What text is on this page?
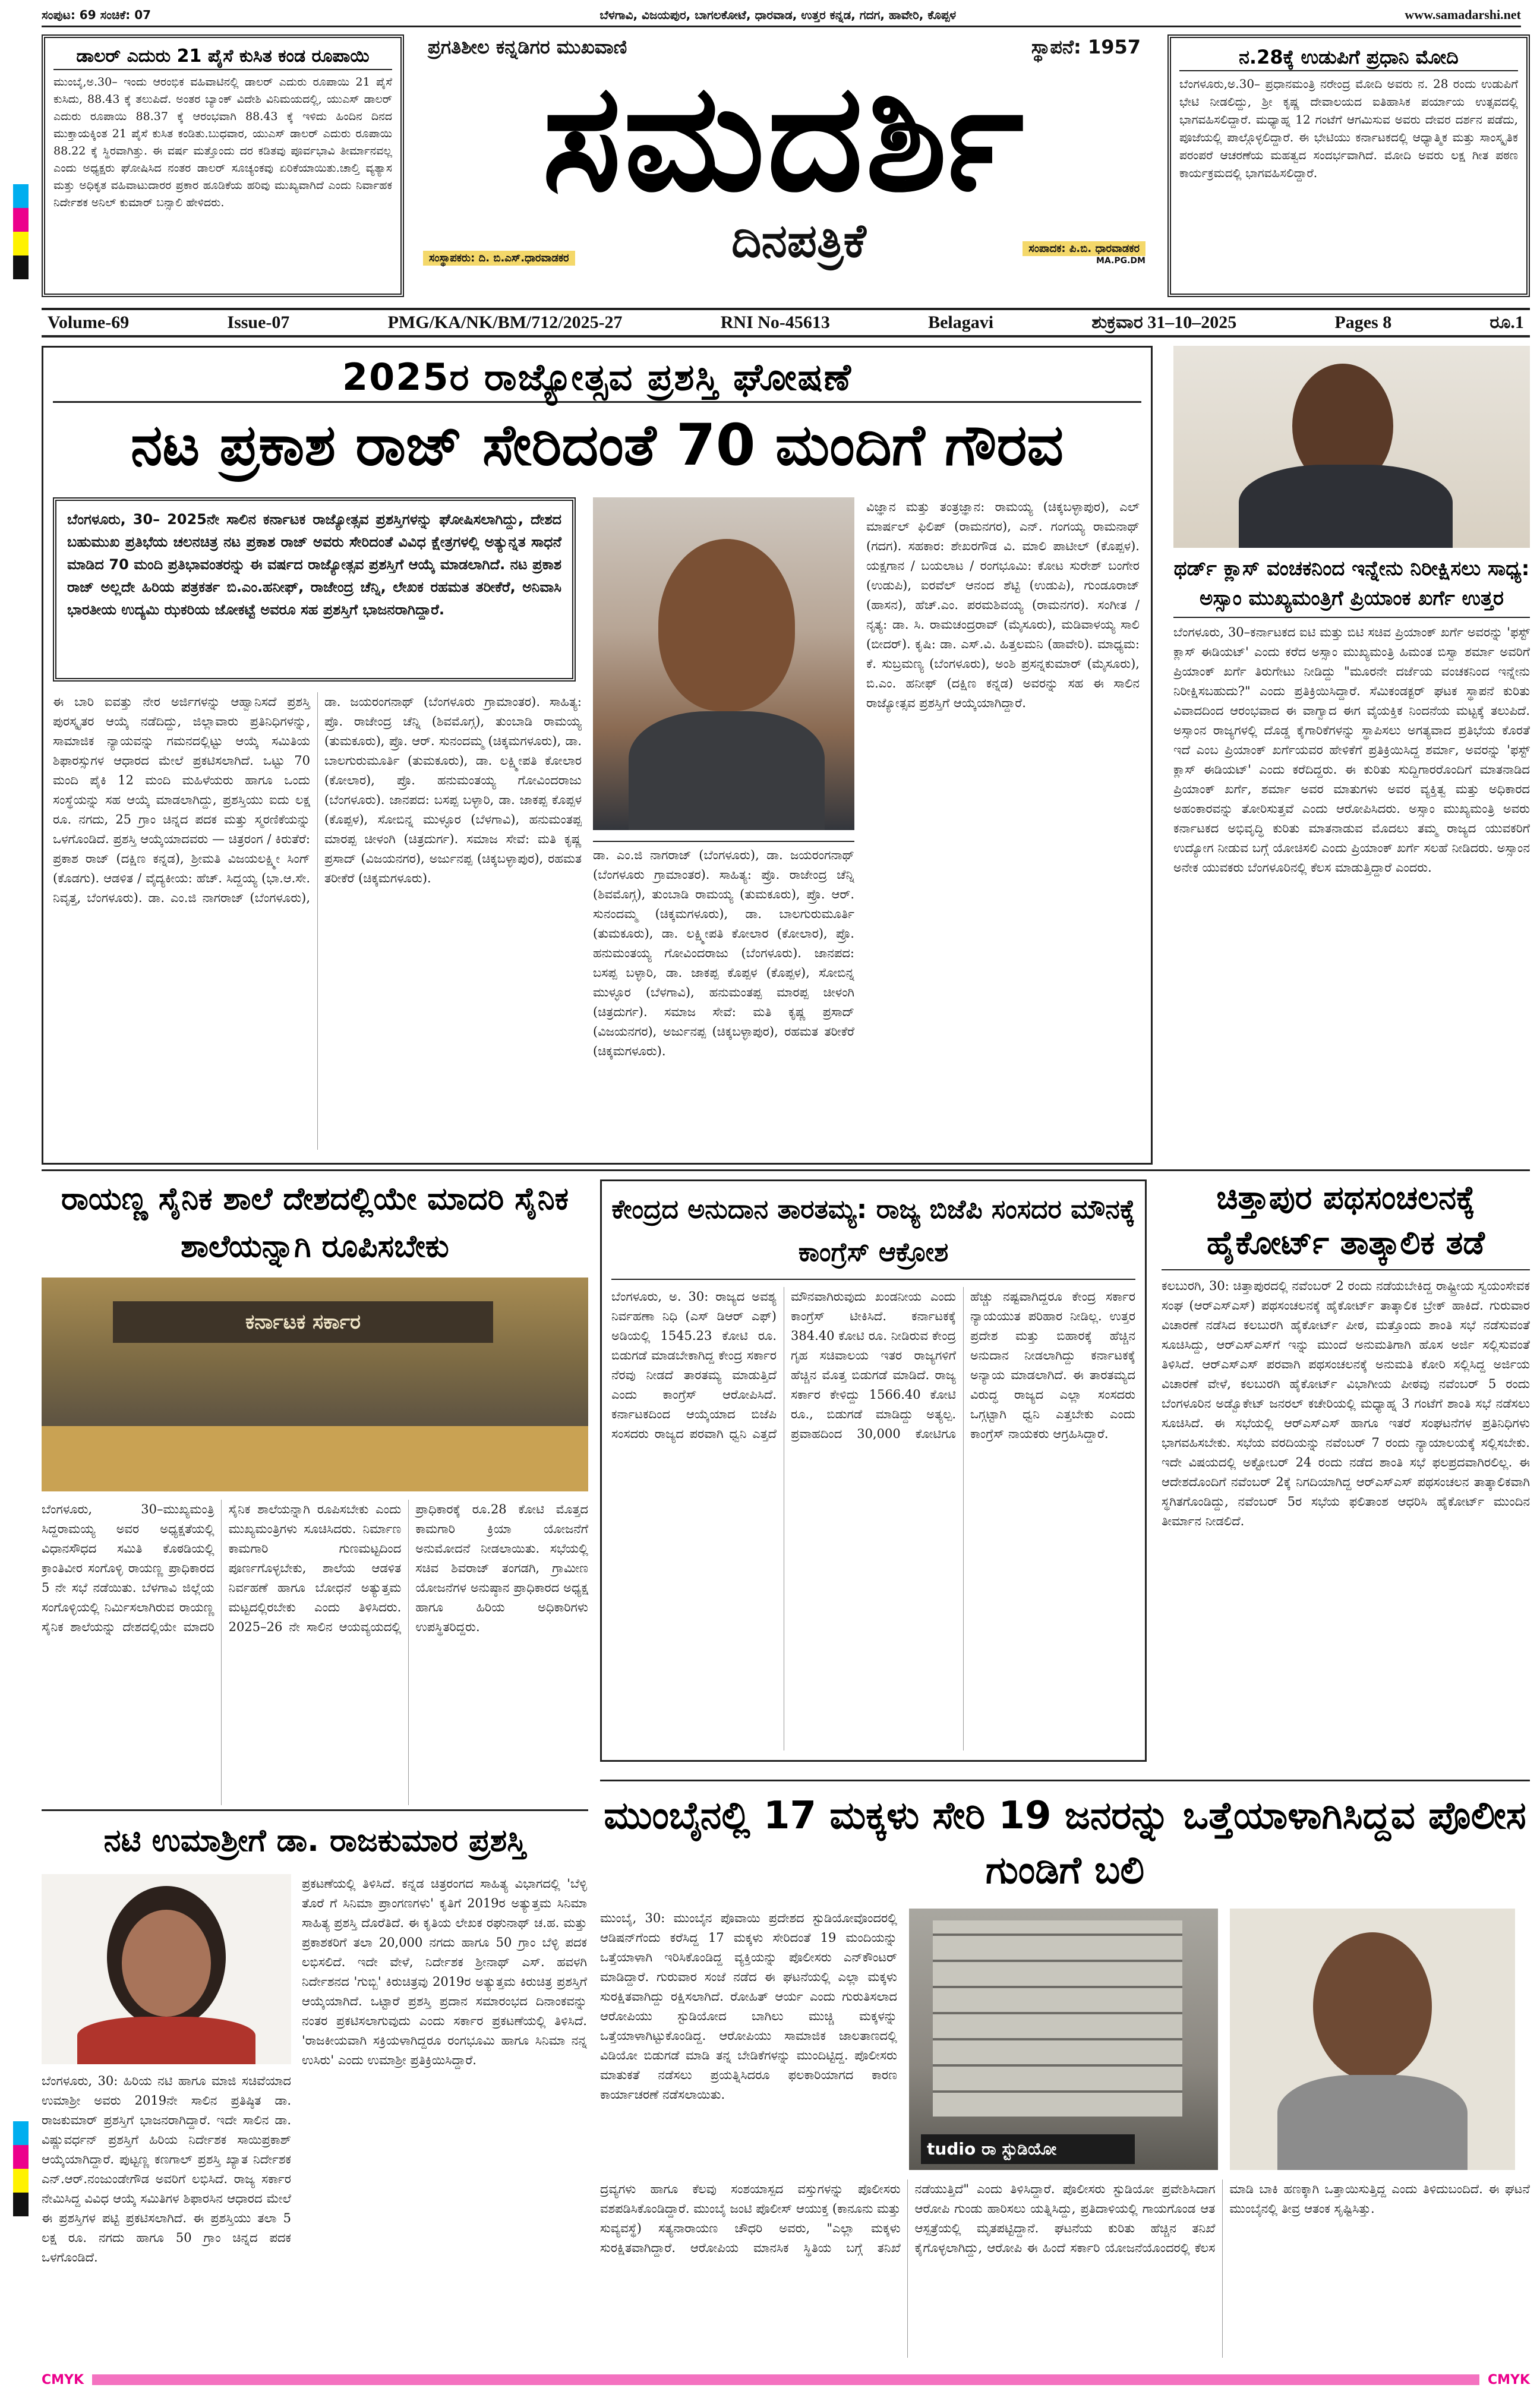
ಸಂಪುಟ: 69 ಸಂಚಿಕೆ: 07	ಬೆಳಗಾವಿ, ವಿಜಯಪುರ, ಬಾಗಲಕೋಟೆ, ಧಾರವಾಡ, ಉತ್ತರ ಕನ್ನಡ, ಗದಗ, ಹಾವೇರಿ, ಕೊಪ್ಪಳ	www.samadarshi.net
ಡಾಲರ್ ಎದುರು 21 ಪೈಸೆ ಕುಸಿತ ಕಂಡ ರೂಪಾಯಿ
ಮುಂಬೈ,ಅ.30– ಇಂದು ಆರಂಭಿಕ ವಹಿವಾಟಿನಲ್ಲಿ ಡಾಲರ್ ಎದುರು ರೂಪಾಯಿ 21 ಪೈಸೆ ಕುಸಿದು, 88.43 ಕ್ಕೆ ತಲುಪಿದೆ. ಅಂತರ ಬ್ಯಾಂಕ್ ವಿದೇಶಿ ವಿನಿಮಯದಲ್ಲಿ, ಯುಎಸ್ ಡಾಲರ್ ಎದುರು ರೂಪಾಯಿ 88.37 ಕ್ಕೆ ಆರಂಭವಾಗಿ 88.43 ಕ್ಕೆ ಇಳಿದು ಹಿಂದಿನ ದಿನದ ಮುಕ್ತಾಯಕ್ಕಿಂತ 21 ಪೈಸೆ ಕುಸಿತ ಕಂಡಿತು.ಬುಧವಾರ, ಯುಎಸ್ ಡಾಲರ್ ಎದುರು ರೂಪಾಯಿ 88.22 ಕ್ಕೆ ಸ್ಥಿರವಾಗಿತ್ತು. ಈ ವರ್ಷ ಮತ್ತೊಂದು ದರ ಕಡಿತವು ಪೂರ್ವಭಾವಿ ತೀರ್ಮಾನವಲ್ಲ ಎಂದು ಅಧ್ಯಕ್ಷರು ಘೋಷಿಸಿದ ನಂತರ ಡಾಲರ್ ಸೂಚ್ಯಂಕವು ಏರಿಕೆಯಾಯಿತು.ಚಾಲ್ತಿ ವ್ಯತ್ಯಾಸ ಮತ್ತು ಅಧಿಕೃತ ವಹಿವಾಟುದಾರರ ಪ್ರಕಾರ ಹೂಡಿಕೆಯ ಹರಿವು ಮುಖ್ಯವಾಗಿದೆ ಎಂದು ನಿರ್ವಾಹಕ ನಿರ್ದೇಶಕ ಅನಿಲ್ ಕುಮಾರ್ ಬನ್ಸಾಲಿ ಹೇಳಿದರು.
ಪ್ರಗತಿಶೀಲ ಕನ್ನಡಿಗರ ಮುಖವಾಣಿ	ಸ್ಥಾಪನೆ: 1957
ಸಮದರ್ಶಿ
ಸಂಸ್ಥಾಪಕರು: ದಿ. ಬಿ.ಎಸ್.ಧಾರವಾಡಕರ	ದಿನಪತ್ರಿಕೆ	ಸಂಪಾದಕ: ಪಿ.ಬಿ. ಧಾರವಾಡಕರ
MA.PG.DM
ನ.28ಕ್ಕೆ ಉಡುಪಿಗೆ ಪ್ರಧಾನಿ ಮೋದಿ
ಬೆಂಗಳೂರು,ಅ.30– ಪ್ರಧಾನಮಂತ್ರಿ ನರೇಂದ್ರ ಮೋದಿ ಅವರು ನ. 28 ರಂದು ಉಡುಪಿಗೆ ಭೇಟಿ ನೀಡಲಿದ್ದು, ಶ್ರೀ ಕೃಷ್ಣ ದೇವಾಲಯದ ಐತಿಹಾಸಿಕ ಪರ್ಯಾಯ ಉತ್ಸವದಲ್ಲಿ ಭಾಗವಹಿಸಲಿದ್ದಾರೆ. ಮಧ್ಯಾಹ್ನ 12 ಗಂಟೆಗೆ ಆಗಮಿಸುವ ಅವರು ದೇವರ ದರ್ಶನ ಪಡೆದು, ಪೂಜೆಯಲ್ಲಿ ಪಾಲ್ಗೊಳ್ಳಲಿದ್ದಾರೆ. ಈ ಭೇಟಿಯು ಕರ್ನಾಟಕದಲ್ಲಿ ಆಧ್ಯಾತ್ಮಿಕ ಮತ್ತು ಸಾಂಸ್ಕೃತಿಕ ಪರಂಪರೆ ಆಚರಣೆಯ ಮಹತ್ವದ ಸಂದರ್ಭವಾಗಿದೆ. ಮೋದಿ ಅವರು ಲಕ್ಷ ಗೀತ ಪಠಣ ಕಾರ್ಯಕ್ರಮದಲ್ಲಿ ಭಾಗವಹಿಸಲಿದ್ದಾರೆ.
Volume-69	Issue-07	PMG/KA/NK/BM/712/2025-27	RNI No-45613	Belagavi	ಶುಕ್ರವಾರ 31–10–2025	Pages 8	ರೂ.1
2025ರ ರಾಜ್ಯೋತ್ಸವ ಪ್ರಶಸ್ತಿ ಘೋಷಣೆ
ನಟ ಪ್ರಕಾಶ ರಾಜ್ ಸೇರಿದಂತೆ 70 ಮಂದಿಗೆ ಗೌರವ
ಬೆಂಗಳೂರು, 30– 2025ನೇ ಸಾಲಿನ ಕರ್ನಾಟಕ ರಾಜ್ಯೋತ್ಸವ ಪ್ರಶಸ್ತಿಗಳನ್ನು ಘೋಷಿಸಲಾಗಿದ್ದು, ದೇಶದ ಬಹುಮುಖ ಪ್ರತಿಭೆಯ ಚಲನಚಿತ್ರ ನಟ ಪ್ರಕಾಶ ರಾಜ್ ಅವರು ಸೇರಿದಂತೆ ವಿವಿಧ ಕ್ಷೇತ್ರಗಳಲ್ಲಿ ಅತ್ಯುನ್ನತ ಸಾಧನೆ ಮಾಡಿದ 70 ಮಂದಿ ಪ್ರತಿಭಾವಂತರನ್ನು ಈ ವರ್ಷದ ರಾಜ್ಯೋತ್ಸವ ಪ್ರಶಸ್ತಿಗೆ ಆಯ್ಕೆ ಮಾಡಲಾಗಿದೆ. ನಟ ಪ್ರಕಾಶ ರಾಜ್ ಅಲ್ಲದೇ ಹಿರಿಯ ಪತ್ರಕರ್ತ ಬಿ.ಎಂ.ಹನೀಫ್, ರಾಜೇಂದ್ರ ಚೆನ್ನಿ, ಲೇಖಕ ರಹಮತ ತರೀಕೆರೆ, ಅನಿವಾಸಿ ಭಾರತೀಯ ಉದ್ಯಮಿ ಝಕರಿಯ ಜೋಕಟ್ಟೆ ಅವರೂ ಸಹ ಪ್ರಶಸ್ತಿಗೆ ಭಾಜನರಾಗಿದ್ದಾರೆ.
ವಿಜ್ಞಾನ ಮತ್ತು ತಂತ್ರಜ್ಞಾನ: ರಾಮಯ್ಯ (ಚಿಕ್ಕಬಳ್ಳಾಪುರ), ಎಲ್ ಮಾರ್ಷಲ್ ಫಿಲಿಪ್ (ರಾಮನಗರ), ಎನ್. ಗಂಗಯ್ಯ ರಾಮನಾಥ್ (ಗದಗ). ಸಹಕಾರ: ಶೇಖರಗೌಡ ವಿ. ಮಾಲಿ ಪಾಟೀಲ್ (ಕೊಪ್ಪಳ). ಯಕ್ಷಗಾನ / ಬಯಲಾಟ / ರಂಗಭೂಮಿ: ಕೋಟ ಸುರೇಶ್ ಬಂಗೇರ (ಉಡುಪಿ), ಐರವೆಲ್ ಆನಂದ ಶೆಟ್ಟಿ (ಉಡುಪಿ), ಗುಂಡೂರಾಜ್ (ಹಾಸನ), ಹೆಚ್.ಎಂ. ಪರಮಶಿವಯ್ಯ (ರಾಮನಗರ). ಸಂಗೀತ / ನೃತ್ಯ: ಡಾ. ಸಿ. ರಾಮಚಂದ್ರರಾವ್ (ಮೈಸೂರು), ಮಡಿವಾಳಯ್ಯ ಸಾಲಿ (ಬೀದರ್). ಕೃಷಿ: ಡಾ. ಎಸ್.ವಿ. ಹಿತ್ತಲಮನಿ (ಹಾವೇರಿ). ಮಾಧ್ಯಮ: ಕೆ. ಸುಬ್ರಮಣ್ಯ (ಬೆಂಗಳೂರು), ಅಂಶಿ ಪ್ರಸನ್ನಕುಮಾರ್ (ಮೈಸೂರು), ಬಿ.ಎಂ. ಹನೀಫ್ (ದಕ್ಷಿಣ ಕನ್ನಡ) ಅವರನ್ನು ಸಹ ಈ ಸಾಲಿನ ರಾಜ್ಯೋತ್ಸವ ಪ್ರಶಸ್ತಿಗೆ ಆಯ್ಕೆಯಾಗಿದ್ದಾರೆ.
ಈ ಬಾರಿ ಐವತ್ತು ನೇರ ಅರ್ಜಿಗಳನ್ನು ಆಹ್ವಾನಿಸದೆ ಪ್ರಶಸ್ತಿ ಪುರಸ್ಕೃತರ ಆಯ್ಕೆ ನಡೆದಿದ್ದು, ಜಿಲ್ಲಾವಾರು ಪ್ರತಿನಿಧಿಗಳನ್ನು, ಸಾಮಾಜಿಕ ನ್ಯಾಯವನ್ನು ಗಮನದಲ್ಲಿಟ್ಟು ಆಯ್ಕೆ ಸಮಿತಿಯ ಶಿಫಾರಸ್ಸುಗಳ ಆಧಾರದ ಮೇಲೆ ಪ್ರಕಟಿಸಲಾಗಿದೆ. ಒಟ್ಟು 70 ಮಂದಿ ಪೈಕಿ 12 ಮಂದಿ ಮಹಿಳೆಯರು ಹಾಗೂ ಒಂದು ಸಂಸ್ಥೆಯನ್ನು ಸಹ ಆಯ್ಕೆ ಮಾಡಲಾಗಿದ್ದು, ಪ್ರಶಸ್ತಿಯು ಐದು ಲಕ್ಷ ರೂ. ನಗದು, 25 ಗ್ರಾಂ ಚಿನ್ನದ ಪದಕ ಮತ್ತು ಸ್ಮರಣಿಕೆಯನ್ನು ಒಳಗೊಂಡಿದೆ. ಪ್ರಶಸ್ತಿ ಆಯ್ಕೆಯಾದವರು — ಚಿತ್ರರಂಗ / ಕಿರುತೆರೆ: ಪ್ರಕಾಶ ರಾಜ್ (ದಕ್ಷಿಣ ಕನ್ನಡ), ಶ್ರೀಮತಿ ವಿಜಯಲಕ್ಷ್ಮೀ ಸಿಂಗ್ (ಕೊಡಗು). ಆಡಳಿತ / ವೈದ್ಯಕೀಯ: ಹೆಚ್. ಸಿದ್ದಯ್ಯ (ಭಾ.ಆ.ಸೇ. ನಿವೃತ್ತ, ಬೆಂಗಳೂರು). ಡಾ. ಎಂ.ಜಿ ನಾಗರಾಜ್ (ಬೆಂಗಳೂರು), ಡಾ. ಜಯರಂಗನಾಥ್ (ಬೆಂಗಳೂರು ಗ್ರಾಮಾಂತರ). ಸಾಹಿತ್ಯ: ಪ್ರೊ. ರಾಜೇಂದ್ರ ಚೆನ್ನಿ (ಶಿವಮೊಗ್ಗ), ತುಂಬಾಡಿ ರಾಮಯ್ಯ (ತುಮಕೂರು), ಪ್ರೊ. ಆರ್. ಸುನಂದಮ್ಮ (ಚಿಕ್ಕಮಗಳೂರು), ಡಾ. ಬಾಲಗುರುಮೂರ್ತಿ (ತುಮಕೂರು), ಡಾ. ಲಕ್ಷ್ಮೀಪತಿ ಕೋಲಾರ (ಕೋಲಾರ), ಪ್ರೊ. ಹನುಮಂತಯ್ಯ ಗೋವಿಂದರಾಜು (ಬೆಂಗಳೂರು). ಜಾನಪದ: ಬಸಪ್ಪ ಬಳ್ಳಾರಿ, ಡಾ. ಜಾಕಪ್ಪ ಕೊಪ್ಪಳ (ಕೊಪ್ಪಳ), ಸೋಬಿನ್ನ ಮುಳ್ಳೂರ (ಬೆಳಗಾವಿ), ಹನುಮಂತಪ್ಪ ಮಾರಪ್ಪ ಚೀಳಂಗಿ (ಚಿತ್ರದುರ್ಗ). ಸಮಾಜ ಸೇವೆ: ಮತಿ ಕೃಷ್ಣ ಪ್ರಸಾದ್ (ವಿಜಯನಗರ), ಅರ್ಜುನಪ್ಪ (ಚಿಕ್ಕಬಳ್ಳಾಪುರ), ರಹಮತ ತರೀಕೆರೆ (ಚಿಕ್ಕಮಗಳೂರು).
ಡಾ. ಎಂ.ಜಿ ನಾಗರಾಜ್ (ಬೆಂಗಳೂರು), ಡಾ. ಜಯರಂಗನಾಥ್ (ಬೆಂಗಳೂರು ಗ್ರಾಮಾಂತರ). ಸಾಹಿತ್ಯ: ಪ್ರೊ. ರಾಜೇಂದ್ರ ಚೆನ್ನಿ (ಶಿವಮೊಗ್ಗ), ತುಂಬಾಡಿ ರಾಮಯ್ಯ (ತುಮಕೂರು), ಪ್ರೊ. ಆರ್. ಸುನಂದಮ್ಮ (ಚಿಕ್ಕಮಗಳೂರು), ಡಾ. ಬಾಲಗುರುಮೂರ್ತಿ (ತುಮಕೂರು), ಡಾ. ಲಕ್ಷ್ಮೀಪತಿ ಕೋಲಾರ (ಕೋಲಾರ), ಪ್ರೊ. ಹನುಮಂತಯ್ಯ ಗೋವಿಂದರಾಜು (ಬೆಂಗಳೂರು). ಜಾನಪದ: ಬಸಪ್ಪ ಬಳ್ಳಾರಿ, ಡಾ. ಜಾಕಪ್ಪ ಕೊಪ್ಪಳ (ಕೊಪ್ಪಳ), ಸೋಬಿನ್ನ ಮುಳ್ಳೂರ (ಬೆಳಗಾವಿ), ಹನುಮಂತಪ್ಪ ಮಾರಪ್ಪ ಚೀಳಂಗಿ (ಚಿತ್ರದುರ್ಗ). ಸಮಾಜ ಸೇವೆ: ಮತಿ ಕೃಷ್ಣ ಪ್ರಸಾದ್ (ವಿಜಯನಗರ), ಅರ್ಜುನಪ್ಪ (ಚಿಕ್ಕಬಳ್ಳಾಪುರ), ರಹಮತ ತರೀಕೆರೆ (ಚಿಕ್ಕಮಗಳೂರು).
ಥರ್ಡ್ ಕ್ಲಾಸ್ ವಂಚಕನಿಂದ ಇನ್ನೇನು ನಿರೀಕ್ಷಿಸಲು ಸಾಧ್ಯ: ಅಸ್ಸಾಂ ಮುಖ್ಯಮಂತ್ರಿಗೆ ಪ್ರಿಯಾಂಕ ಖರ್ಗೆ ಉತ್ತರ
ಬೆಂಗಳೂರು, 30–ಕರ್ನಾಟಕದ ಐಟಿ ಮತ್ತು ಬಿಟಿ ಸಚಿವ ಪ್ರಿಯಾಂಕ್ ಖರ್ಗೆ ಅವರನ್ನು 'ಫಸ್ಟ್ ಕ್ಲಾಸ್ ಈಡಿಯಟ್' ಎಂದು ಕರೆದ ಅಸ್ಸಾಂ ಮುಖ್ಯಮಂತ್ರಿ ಹಿಮಂತ ಬಿಸ್ವಾ ಶರ್ಮಾ ಅವರಿಗೆ ಪ್ರಿಯಾಂಕ್ ಖರ್ಗೆ ತಿರುಗೇಟು ನೀಡಿದ್ದು "ಮೂರನೇ ದರ್ಜೆಯ ವಂಚಕನಿಂದ ಇನ್ನೇನು ನಿರೀಕ್ಷಿಸಬಹುದು?" ಎಂದು ಪ್ರತಿಕ್ರಿಯಿಸಿದ್ದಾರೆ. ಸೆಮಿಕಂಡಕ್ಟರ್ ಘಟಕ ಸ್ಥಾಪನೆ ಕುರಿತು ವಿವಾದದಿಂದ ಆರಂಭವಾದ ಈ ವಾಗ್ವಾದ ಈಗ ವೈಯಕ್ತಿಕ ನಿಂದನೆಯ ಮಟ್ಟಕ್ಕೆ ತಲುಪಿದೆ. ಅಸ್ಸಾಂನ ರಾಜ್ಯಗಳಲ್ಲಿ ದೊಡ್ಡ ಕೈಗಾರಿಕೆಗಳನ್ನು ಸ್ಥಾಪಿಸಲು ಅಗತ್ಯವಾದ ಪ್ರತಿಭೆಯ ಕೊರತೆ ಇದೆ ಎಂಬ ಪ್ರಿಯಾಂಕ್ ಖರ್ಗೆಯವರ ಹೇಳಿಕೆಗೆ ಪ್ರತಿಕ್ರಿಯಿಸಿದ್ದ ಶರ್ಮಾ, ಅವರನ್ನು 'ಫಸ್ಟ್ ಕ್ಲಾಸ್ ಈಡಿಯಟ್' ಎಂದು ಕರೆದಿದ್ದರು. ಈ ಕುರಿತು ಸುದ್ದಿಗಾರರೊಂದಿಗೆ ಮಾತನಾಡಿದ ಪ್ರಿಯಾಂಕ್ ಖರ್ಗೆ, ಶರ್ಮಾ ಅವರ ಮಾತುಗಳು ಅವರ ವ್ಯಕ್ತಿತ್ವ ಮತ್ತು ಅಧಿಕಾರದ ಅಹಂಕಾರವನ್ನು ತೋರಿಸುತ್ತವೆ ಎಂದು ಆರೋಪಿಸಿದರು. ಅಸ್ಸಾಂ ಮುಖ್ಯಮಂತ್ರಿ ಅವರು ಕರ್ನಾಟಕದ ಅಭಿವೃದ್ಧಿ ಕುರಿತು ಮಾತನಾಡುವ ಮೊದಲು ತಮ್ಮ ರಾಜ್ಯದ ಯುವಕರಿಗೆ ಉದ್ಯೋಗ ನೀಡುವ ಬಗ್ಗೆ ಯೋಚಿಸಲಿ ಎಂದು ಪ್ರಿಯಾಂಕ್ ಖರ್ಗೆ ಸಲಹೆ ನೀಡಿದರು. ಅಸ್ಸಾಂನ ಅನೇಕ ಯುವಕರು ಬೆಂಗಳೂರಿನಲ್ಲಿ ಕೆಲಸ ಮಾಡುತ್ತಿದ್ದಾರೆ ಎಂದರು.
ರಾಯಣ್ಣ ಸೈನಿಕ ಶಾಲೆ ದೇಶದಲ್ಲಿಯೇ ಮಾದರಿ ಸೈನಿಕ ಶಾಲೆಯನ್ನಾಗಿ ರೂಪಿಸಬೇಕು
ಕರ್ನಾಟಕ ಸರ್ಕಾರ
ಬೆಂಗಳೂರು, 30–ಮುಖ್ಯಮಂತ್ರಿ ಸಿದ್ದರಾಮಯ್ಯ ಅವರ ಅಧ್ಯಕ್ಷತೆಯಲ್ಲಿ ವಿಧಾನಸೌಧದ ಸಮಿತಿ ಕೊಠಡಿಯಲ್ಲಿ ಕ್ರಾಂತಿವೀರ ಸಂಗೊಳ್ಳಿ ರಾಯಣ್ಣ ಪ್ರಾಧಿಕಾರದ 5 ನೇ ಸಭೆ ನಡೆಯಿತು. ಬೆಳಗಾವಿ ಜಿಲ್ಲೆಯ ಸಂಗೊಳ್ಳಿಯಲ್ಲಿ ನಿರ್ಮಿಸಲಾಗಿರುವ ರಾಯಣ್ಣ ಸೈನಿಕ ಶಾಲೆಯನ್ನು ದೇಶದಲ್ಲಿಯೇ ಮಾದರಿ ಸೈನಿಕ ಶಾಲೆಯನ್ನಾಗಿ ರೂಪಿಸಬೇಕು ಎಂದು ಮುಖ್ಯಮಂತ್ರಿಗಳು ಸೂಚಿಸಿದರು. ನಿರ್ಮಾಣ ಕಾಮಗಾರಿ ಗುಣಮಟ್ಟದಿಂದ ಪೂರ್ಣಗೊಳ್ಳಬೇಕು, ಶಾಲೆಯ ಆಡಳಿತ ನಿರ್ವಹಣೆ ಹಾಗೂ ಬೋಧನೆ ಅತ್ಯುತ್ತಮ ಮಟ್ಟದಲ್ಲಿರಬೇಕು ಎಂದು ತಿಳಿಸಿದರು. 2025–26 ನೇ ಸಾಲಿನ ಆಯವ್ಯಯದಲ್ಲಿ ಪ್ರಾಧಿಕಾರಕ್ಕೆ ರೂ.28 ಕೋಟಿ ಮೊತ್ತದ ಕಾಮಗಾರಿ ಕ್ರಿಯಾ ಯೋಜನೆಗೆ ಅನುಮೋದನೆ ನೀಡಲಾಯಿತು. ಸಭೆಯಲ್ಲಿ ಸಚಿವ ಶಿವರಾಜ್ ತಂಗಡಗಿ, ಗ್ರಾಮೀಣ ಯೋಜನೆಗಳ ಅನುಷ್ಠಾನ ಪ್ರಾಧಿಕಾರದ ಅಧ್ಯಕ್ಷ ಹಾಗೂ ಹಿರಿಯ ಅಧಿಕಾರಿಗಳು ಉಪಸ್ಥಿತರಿದ್ದರು.
ಕೇಂದ್ರದ ಅನುದಾನ ತಾರತಮ್ಯ: ರಾಜ್ಯ ಬಿಜೆಪಿ ಸಂಸದರ ಮೌನಕ್ಕೆ ಕಾಂಗ್ರೆಸ್ ಆಕ್ರೋಶ
ಬೆಂಗಳೂರು, ಅ. 30: ರಾಜ್ಯದ ಅವಶ್ಯ ನಿರ್ವಹಣಾ ನಿಧಿ (ಎಸ್ ಡಿಆರ್ ಎಫ್) ಅಡಿಯಲ್ಲಿ 1545.23 ಕೋಟಿ ರೂ. ಬಿಡುಗಡೆ ಮಾಡಬೇಕಾಗಿದ್ದ ಕೇಂದ್ರ ಸರ್ಕಾರ ನೆರವು ನೀಡದೆ ತಾರತಮ್ಯ ಮಾಡುತ್ತಿದೆ ಎಂದು ಕಾಂಗ್ರೆಸ್ ಆರೋಪಿಸಿದೆ. ಕರ್ನಾಟಕದಿಂದ ಆಯ್ಕೆಯಾದ ಬಿಜೆಪಿ ಸಂಸದರು ರಾಜ್ಯದ ಪರವಾಗಿ ಧ್ವನಿ ಎತ್ತದೆ ಮೌನವಾಗಿರುವುದು ಖಂಡನೀಯ ಎಂದು ಕಾಂಗ್ರೆಸ್ ಟೀಕಿಸಿದೆ. ಕರ್ನಾಟಕಕ್ಕೆ 384.40 ಕೋಟಿ ರೂ. ನೀಡಿರುವ ಕೇಂದ್ರ ಗೃಹ ಸಚಿವಾಲಯ ಇತರ ರಾಜ್ಯಗಳಿಗೆ ಹೆಚ್ಚಿನ ಮೊತ್ತ ಬಿಡುಗಡೆ ಮಾಡಿದೆ. ರಾಜ್ಯ ಸರ್ಕಾರ ಕೇಳಿದ್ದು 1566.40 ಕೋಟಿ ರೂ., ಬಿಡುಗಡೆ ಮಾಡಿದ್ದು ಅತ್ಯಲ್ಪ. ಪ್ರವಾಹದಿಂದ 30,000 ಕೋಟಿಗೂ ಹೆಚ್ಚು ನಷ್ಟವಾಗಿದ್ದರೂ ಕೇಂದ್ರ ಸರ್ಕಾರ ನ್ಯಾಯಯುತ ಪರಿಹಾರ ನೀಡಿಲ್ಲ. ಉತ್ತರ ಪ್ರದೇಶ ಮತ್ತು ಬಿಹಾರಕ್ಕೆ ಹೆಚ್ಚಿನ ಅನುದಾನ ನೀಡಲಾಗಿದ್ದು ಕರ್ನಾಟಕಕ್ಕೆ ಅನ್ಯಾಯ ಮಾಡಲಾಗಿದೆ. ಈ ತಾರತಮ್ಯದ ವಿರುದ್ಧ ರಾಜ್ಯದ ಎಲ್ಲಾ ಸಂಸದರು ಒಗ್ಗಟ್ಟಾಗಿ ಧ್ವನಿ ಎತ್ತಬೇಕು ಎಂದು ಕಾಂಗ್ರೆಸ್ ನಾಯಕರು ಆಗ್ರಹಿಸಿದ್ದಾರೆ.
ಚಿತ್ತಾಪುರ ಪಥಸಂಚಲನಕ್ಕೆ ಹೈಕೋರ್ಟ್ ತಾತ್ಕಾಲಿಕ ತಡೆ
ಕಲಬುರಗಿ, 30: ಚಿತ್ತಾಪುರದಲ್ಲಿ ನವೆಂಬರ್ 2 ರಂದು ನಡೆಯಬೇಕಿದ್ದ ರಾಷ್ಟ್ರೀಯ ಸ್ವಯಂಸೇವಕ ಸಂಘ (ಆರ್‌ಎಸ್‌ಎಸ್) ಪಥಸಂಚಲನಕ್ಕೆ ಹೈಕೋರ್ಟ್ ತಾತ್ಕಾಲಿಕ ಬ್ರೇಕ್ ಹಾಕಿದೆ. ಗುರುವಾರ ವಿಚಾರಣೆ ನಡೆಸಿದ ಕಲಬುರಗಿ ಹೈಕೋರ್ಟ್ ಪೀಠ, ಮತ್ತೊಂದು ಶಾಂತಿ ಸಭೆ ನಡೆಸುವಂತೆ ಸೂಚಿಸಿದ್ದು, ಆರ್‌ಎಸ್‌ಎಸ್‌ಗೆ ಇನ್ನು ಮುಂದೆ ಅನುಮತಿಗಾಗಿ ಹೊಸ ಅರ್ಜಿ ಸಲ್ಲಿಸುವಂತೆ ತಿಳಿಸಿದೆ. ಆರ್‌ಎಸ್‌ಎಸ್ ಪರವಾಗಿ ಪಥಸಂಚಲನಕ್ಕೆ ಅನುಮತಿ ಕೋರಿ ಸಲ್ಲಿಸಿದ್ದ ಅರ್ಜಿಯ ವಿಚಾರಣೆ ವೇಳೆ, ಕಲಬುರಗಿ ಹೈಕೋರ್ಟ್ ವಿಭಾಗೀಯ ಪೀಠವು ನವೆಂಬರ್ 5 ರಂದು ಬೆಂಗಳೂರಿನ ಅಡ್ವೊಕೇಟ್ ಜನರಲ್ ಕಚೇರಿಯಲ್ಲಿ ಮಧ್ಯಾಹ್ನ 3 ಗಂಟೆಗೆ ಶಾಂತಿ ಸಭೆ ನಡೆಸಲು ಸೂಚಿಸಿದೆ. ಈ ಸಭೆಯಲ್ಲಿ ಆರ್‌ಎಸ್‌ಎಸ್ ಹಾಗೂ ಇತರೆ ಸಂಘಟನೆಗಳ ಪ್ರತಿನಿಧಿಗಳು ಭಾಗವಹಿಸಬೇಕು. ಸಭೆಯ ವರದಿಯನ್ನು ನವೆಂಬರ್ 7 ರಂದು ನ್ಯಾಯಾಲಯಕ್ಕೆ ಸಲ್ಲಿಸಬೇಕು. ಇದೇ ವಿಷಯದಲ್ಲಿ ಅಕ್ಟೋಬರ್ 24 ರಂದು ನಡೆದ ಶಾಂತಿ ಸಭೆ ಫಲಪ್ರದವಾಗಿರಲಿಲ್ಲ. ಈ ಆದೇಶದೊಂದಿಗೆ ನವೆಂಬರ್ 2ಕ್ಕೆ ನಿಗದಿಯಾಗಿದ್ದ ಆರ್‌ಎಸ್‌ಎಸ್ ಪಥಸಂಚಲನ ತಾತ್ಕಾಲಿಕವಾಗಿ ಸ್ಥಗಿತಗೊಂಡಿದ್ದು, ನವೆಂಬರ್ 5ರ ಸಭೆಯ ಫಲಿತಾಂಶ ಆಧರಿಸಿ ಹೈಕೋರ್ಟ್ ಮುಂದಿನ ತೀರ್ಮಾನ ನೀಡಲಿದೆ.
ನಟಿ ಉಮಾಶ್ರೀಗೆ ಡಾ. ರಾಜಕುಮಾರ ಪ್ರಶಸ್ತಿ
ಬೆಂಗಳೂರು, 30: ಹಿರಿಯ ನಟಿ ಹಾಗೂ ಮಾಜಿ ಸಚಿವೆಯಾದ ಉಮಾಶ್ರೀ ಅವರು 2019ನೇ ಸಾಲಿನ ಪ್ರತಿಷ್ಠಿತ ಡಾ. ರಾಜಕುಮಾರ್ ಪ್ರಶಸ್ತಿಗೆ ಭಾಜನರಾಗಿದ್ದಾರೆ. ಇದೇ ಸಾಲಿನ ಡಾ. ವಿಷ್ಣುವರ್ಧನ್ ಪ್ರಶಸ್ತಿಗೆ ಹಿರಿಯ ನಿರ್ದೇಶಕ ಸಾಯಿಪ್ರಕಾಶ್ ಆಯ್ಕೆಯಾಗಿದ್ದಾರೆ. ಪುಟ್ಟಣ್ಣ ಕಣಗಾಲ್ ಪ್ರಶಸ್ತಿ ಖ್ಯಾತ ನಿರ್ದೇಶಕ ಎನ್.ಆರ್.ನಂಜುಂಡೇಗೌಡ ಅವರಿಗೆ ಲಭಿಸಿದೆ. ರಾಜ್ಯ ಸರ್ಕಾರ ನೇಮಿಸಿದ್ದ ವಿವಿಧ ಆಯ್ಕೆ ಸಮಿತಿಗಳ ಶಿಫಾರಸಿನ ಆಧಾರದ ಮೇಲೆ ಈ ಪ್ರಶಸ್ತಿಗಳ ಪಟ್ಟಿ ಪ್ರಕಟಿಸಲಾಗಿದೆ. ಈ ಪ್ರಶಸ್ತಿಯು ತಲಾ 5 ಲಕ್ಷ ರೂ. ನಗದು ಹಾಗೂ 50 ಗ್ರಾಂ ಚಿನ್ನದ ಪದಕ ಒಳಗೊಂಡಿದೆ.
ಪ್ರಕಟಣೆಯಲ್ಲಿ ತಿಳಿಸಿದೆ. ಕನ್ನಡ ಚಿತ್ರರಂಗದ ಸಾಹಿತ್ಯ ವಿಭಾಗದಲ್ಲಿ 'ಬೆಳ್ಳಿ ತೊರೆ ಗೆ ಸಿನಿಮಾ ಪ್ರಾಂಗಣಗಳು' ಕೃತಿಗೆ 2019ರ ಅತ್ಯುತ್ತಮ ಸಿನಿಮಾ ಸಾಹಿತ್ಯ ಪ್ರಶಸ್ತಿ ದೊರೆತಿದೆ. ಈ ಕೃತಿಯ ಲೇಖಕ ರಘುನಾಥ್ ಚ.ಹ. ಮತ್ತು ಪ್ರಕಾಶಕರಿಗೆ ತಲಾ 20,000 ನಗದು ಹಾಗೂ 50 ಗ್ರಾಂ ಬೆಳ್ಳಿ ಪದಕ ಲಭಿಸಲಿದೆ. ಇದೇ ವೇಳೆ, ನಿರ್ದೇಶಕ ಶ್ರೀನಾಥ್ ಎಸ್. ಹವಳಗಿ ನಿರ್ದೇಶನದ 'ಗುಬ್ಬಿ' ಕಿರುಚಿತ್ರವು 2019ರ ಅತ್ಯುತ್ತಮ ಕಿರುಚಿತ್ರ ಪ್ರಶಸ್ತಿಗೆ ಆಯ್ಕೆಯಾಗಿದೆ. ಒಟ್ಟಾರೆ ಪ್ರಶಸ್ತಿ ಪ್ರದಾನ ಸಮಾರಂಭದ ದಿನಾಂಕವನ್ನು ನಂತರ ಪ್ರಕಟಿಸಲಾಗುವುದು ಎಂದು ಸರ್ಕಾರ ಪ್ರಕಟಣೆಯಲ್ಲಿ ತಿಳಿಸಿದೆ. 'ರಾಜಕೀಯವಾಗಿ ಸಕ್ರಿಯಳಾಗಿದ್ದರೂ ರಂಗಭೂಮಿ ಹಾಗೂ ಸಿನಿಮಾ ನನ್ನ ಉಸಿರು' ಎಂದು ಉಮಾಶ್ರೀ ಪ್ರತಿಕ್ರಿಯಿಸಿದ್ದಾರೆ.
ಮುಂಬೈನಲ್ಲಿ 17 ಮಕ್ಕಳು ಸೇರಿ 19 ಜನರನ್ನು ಒತ್ತೆಯಾಳಾಗಿಸಿದ್ದವ ಪೊಲೀಸ ಗುಂಡಿಗೆ ಬಲಿ
ಮುಂಬೈ, 30: ಮುಂಬೈನ ಪೊವಾಯಿ ಪ್ರದೇಶದ ಸ್ಟುಡಿಯೋವೊಂದರಲ್ಲಿ ಆಡಿಷನ್‌ಗೆಂದು ಕರೆಸಿದ್ದ 17 ಮಕ್ಕಳು ಸೇರಿದಂತೆ 19 ಮಂದಿಯನ್ನು ಒತ್ತೆಯಾಳಾಗಿ ಇರಿಸಿಕೊಂಡಿದ್ದ ವ್ಯಕ್ತಿಯನ್ನು ಪೊಲೀಸರು ಎನ್‌ಕೌಂಟರ್ ಮಾಡಿದ್ದಾರೆ. ಗುರುವಾರ ಸಂಜೆ ನಡೆದ ಈ ಘಟನೆಯಲ್ಲಿ ಎಲ್ಲಾ ಮಕ್ಕಳು ಸುರಕ್ಷಿತವಾಗಿದ್ದು ರಕ್ಷಿಸಲಾಗಿದೆ. ರೋಹಿತ್ ಆರ್ಯ ಎಂದು ಗುರುತಿಸಲಾದ ಆರೋಪಿಯು ಸ್ಟುಡಿಯೋದ ಬಾಗಿಲು ಮುಚ್ಚಿ ಮಕ್ಕಳನ್ನು ಒತ್ತೆಯಾಳಾಗಿಟ್ಟುಕೊಂಡಿದ್ದ. ಆರೋಪಿಯು ಸಾಮಾಜಿಕ ಜಾಲತಾಣದಲ್ಲಿ ವಿಡಿಯೋ ಬಿಡುಗಡೆ ಮಾಡಿ ತನ್ನ ಬೇಡಿಕೆಗಳನ್ನು ಮುಂದಿಟ್ಟಿದ್ದ. ಪೊಲೀಸರು ಮಾತುಕತೆ ನಡೆಸಲು ಪ್ರಯತ್ನಿಸಿದರೂ ಫಲಕಾರಿಯಾಗದ ಕಾರಣ ಕಾರ್ಯಾಚರಣೆ ನಡೆಸಲಾಯಿತು.
tudio ರಾ ಸ್ಟುಡಿಯೋ
ದ್ರವ್ಯಗಳು ಹಾಗೂ ಕೆಲವು ಸಂಶಯಾಸ್ಪದ ವಸ್ತುಗಳನ್ನು ಪೊಲೀಸರು ವಶಪಡಿಸಿಕೊಂಡಿದ್ದಾರೆ. ಮುಂಬೈ ಜಂಟಿ ಪೊಲೀಸ್ ಆಯುಕ್ತ (ಕಾನೂನು ಮತ್ತು ಸುವ್ಯವಸ್ಥೆ) ಸತ್ಯನಾರಾಯಣ ಚೌಧರಿ ಅವರು, "ಎಲ್ಲಾ ಮಕ್ಕಳು ಸುರಕ್ಷಿತವಾಗಿದ್ದಾರೆ. ಆರೋಪಿಯ ಮಾನಸಿಕ ಸ್ಥಿತಿಯ ಬಗ್ಗೆ ತನಿಖೆ ನಡೆಯುತ್ತಿದೆ" ಎಂದು ತಿಳಿಸಿದ್ದಾರೆ. ಪೊಲೀಸರು ಸ್ಟುಡಿಯೋ ಪ್ರವೇಶಿಸಿದಾಗ ಆರೋಪಿ ಗುಂಡು ಹಾರಿಸಲು ಯತ್ನಿಸಿದ್ದು, ಪ್ರತಿದಾಳಿಯಲ್ಲಿ ಗಾಯಗೊಂಡ ಆತ ಆಸ್ಪತ್ರೆಯಲ್ಲಿ ಮೃತಪಟ್ಟಿದ್ದಾನೆ. ಘಟನೆಯ ಕುರಿತು ಹೆಚ್ಚಿನ ತನಿಖೆ ಕೈಗೊಳ್ಳಲಾಗಿದ್ದು, ಆರೋಪಿ ಈ ಹಿಂದೆ ಸರ್ಕಾರಿ ಯೋಜನೆಯೊಂದರಲ್ಲಿ ಕೆಲಸ ಮಾಡಿ ಬಾಕಿ ಹಣಕ್ಕಾಗಿ ಒತ್ತಾಯಿಸುತ್ತಿದ್ದ ಎಂದು ತಿಳಿದುಬಂದಿದೆ. ಈ ಘಟನೆ ಮುಂಬೈನಲ್ಲಿ ತೀವ್ರ ಆತಂಕ ಸೃಷ್ಟಿಸಿತ್ತು.
CMYK	CMYK
